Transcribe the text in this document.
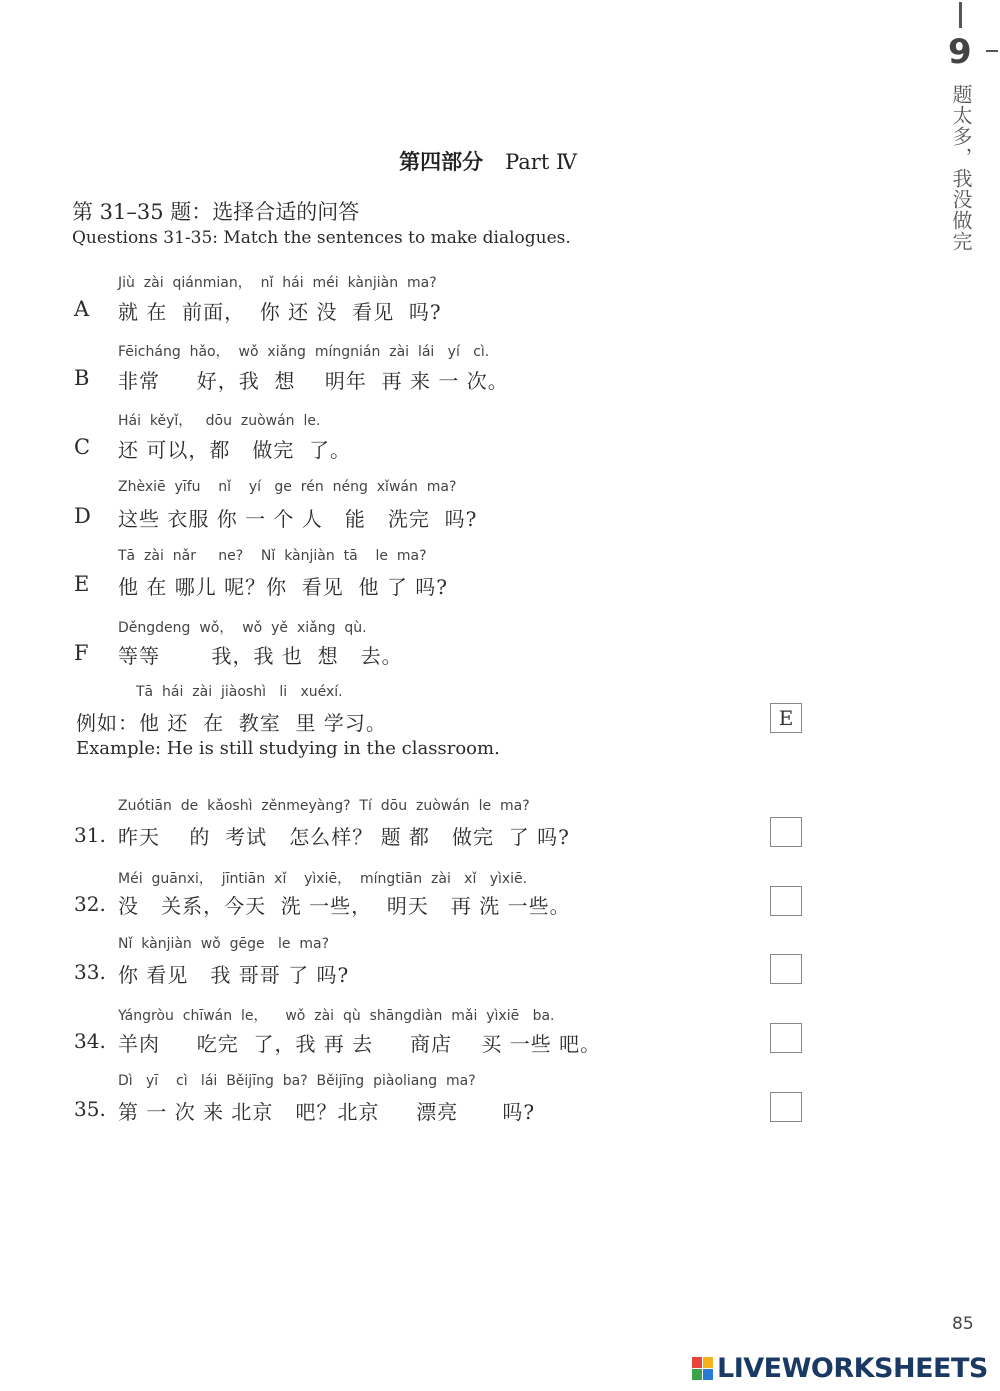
9
题太多，我没做完
第四部分 Part Ⅳ
第 31–35 题：选择合适的问答
Questions 31-35: Match the sentences to make dialogues.
Jiù  zài  qiánmian，  nǐ  hái  méi  kànjiàn  ma?
A 就 在  前面，  你 还 没  看见  吗?
Fēicháng  hǎo，  wǒ  xiǎng  míngnián  zài  lái   yí   cì.
B 非常     好，我  想    明年  再 来 一 次。
Hái  kěyǐ，   dōu  zuòwán  le.
C 还 可以，都   做完  了。
Zhèxiē  yīfu    nǐ    yí   ge  rén  néng  xǐwán  ma?
D 这些 衣服 你 一 个 人   能   洗完  吗?
Tā  zài  nǎr     ne?    Nǐ  kànjiàn  tā    le  ma?
E 他 在 哪儿 呢？你  看见  他 了 吗?
Děngdeng  wǒ，  wǒ  yě  xiǎng  qù.
F 等等       我，我 也  想   去。
Tā  hái  zài  jiàoshì   li   xuéxí.
例如：他 还  在  教室  里 学习。
Example: He is still studying in the classroom.
E
Zuótiān  de  kǎoshì  zěnmeyàng?  Tí  dōu  zuòwán  le  ma?
31. 昨天    的  考试   怎么样？ 题 都   做完  了 吗?
Méi  guānxi，  jīntiān  xǐ    yìxiē，  míngtiān  zài   xǐ   yìxiē.
32. 没   关系，今天  洗 一些，  明天   再 洗 一些。
Nǐ  kànjiàn  wǒ  gēge   le  ma?
33. 你 看见   我 哥哥 了 吗?
Yángròu  chīwán  le，    wǒ  zài  qù  shāngdiàn  mǎi  yìxiē   ba.
34. 羊肉     吃完  了，我 再 去     商店    买 一些 吧。
Dì   yī    cì   lái  Běijīng  ba?  Běijīng  piàoliang  ma?
35. 第 一 次 来 北京   吧？北京     漂亮      吗?
85
LIVEWORKSHEETS
